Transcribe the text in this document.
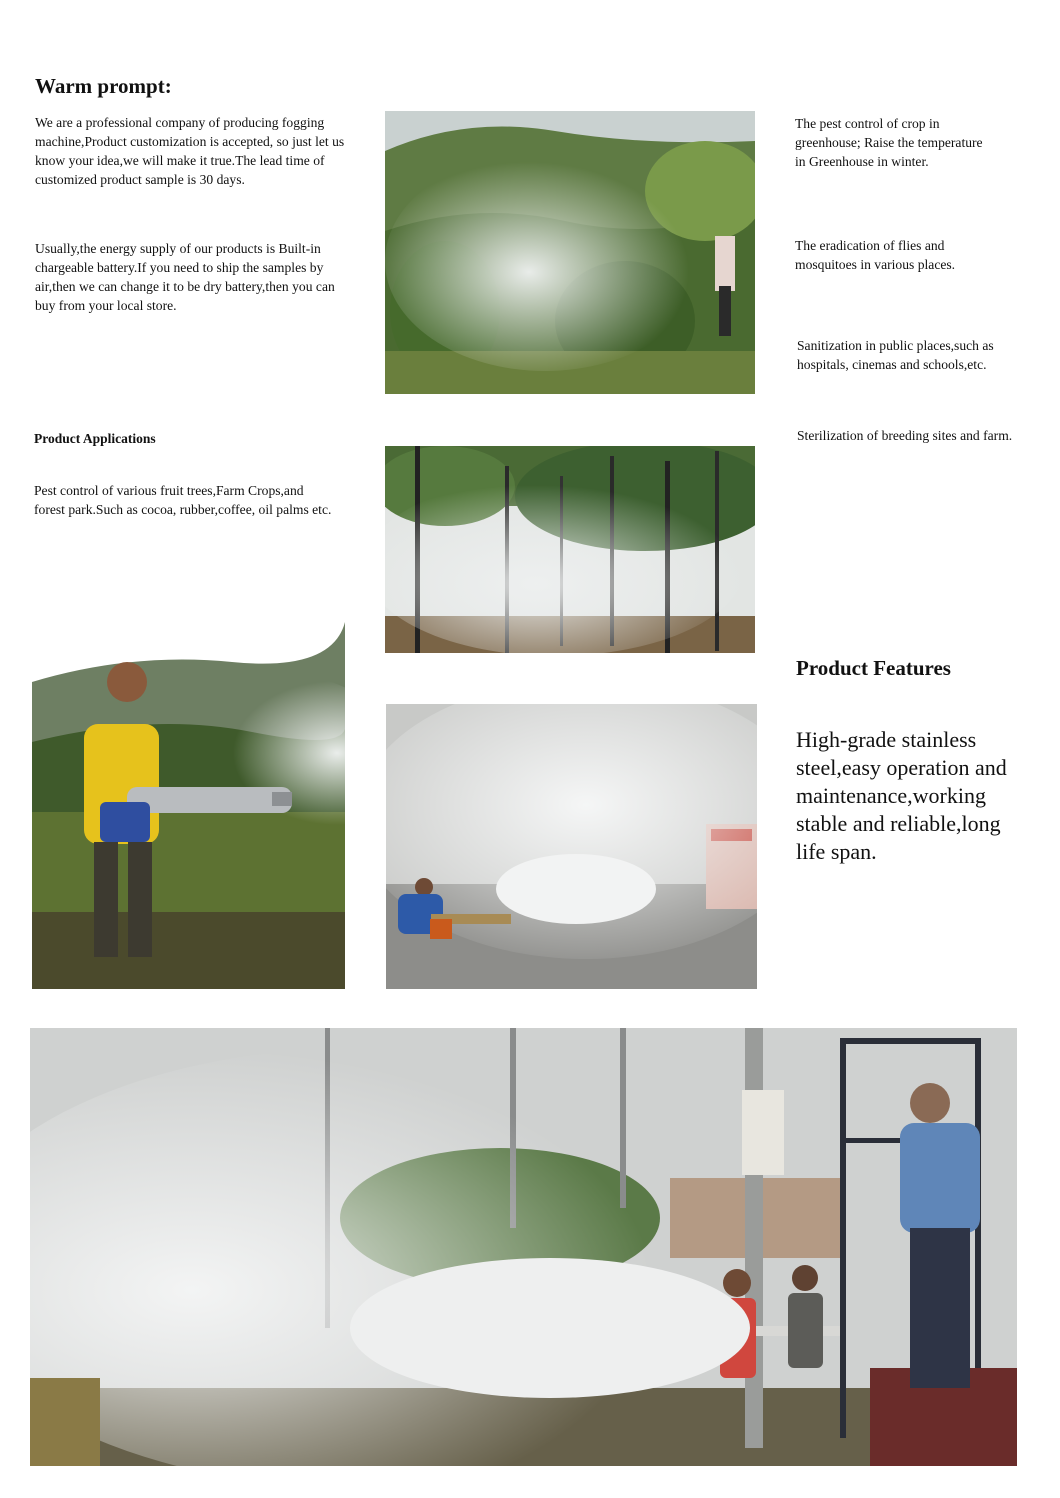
Warm prompt:
We are a professional company of producing fogging machine,Product customization is accepted, so just let us know your idea,we will make it true.The lead time of customized product sample is 30 days.
Usually,the energy supply of our products is Built-in chargeable battery.If you need to ship the samples by air,then we can change it to be dry battery,then you can buy from your local store.
Product Applications
Pest control of various fruit trees,Farm Crops,and forest park.Such as cocoa, rubber,coffee, oil palms etc.
The pest control of crop in greenhouse; Raise the temperature in Greenhouse in winter.
The eradication of flies and mosquitoes in various places.
Sanitization in public places,such as hospitals, cinemas and schools,etc.
Sterilization of breeding sites and farm.
Product Features
High-grade stainless steel,easy operation and maintenance,working stable and reliable,long life span.
